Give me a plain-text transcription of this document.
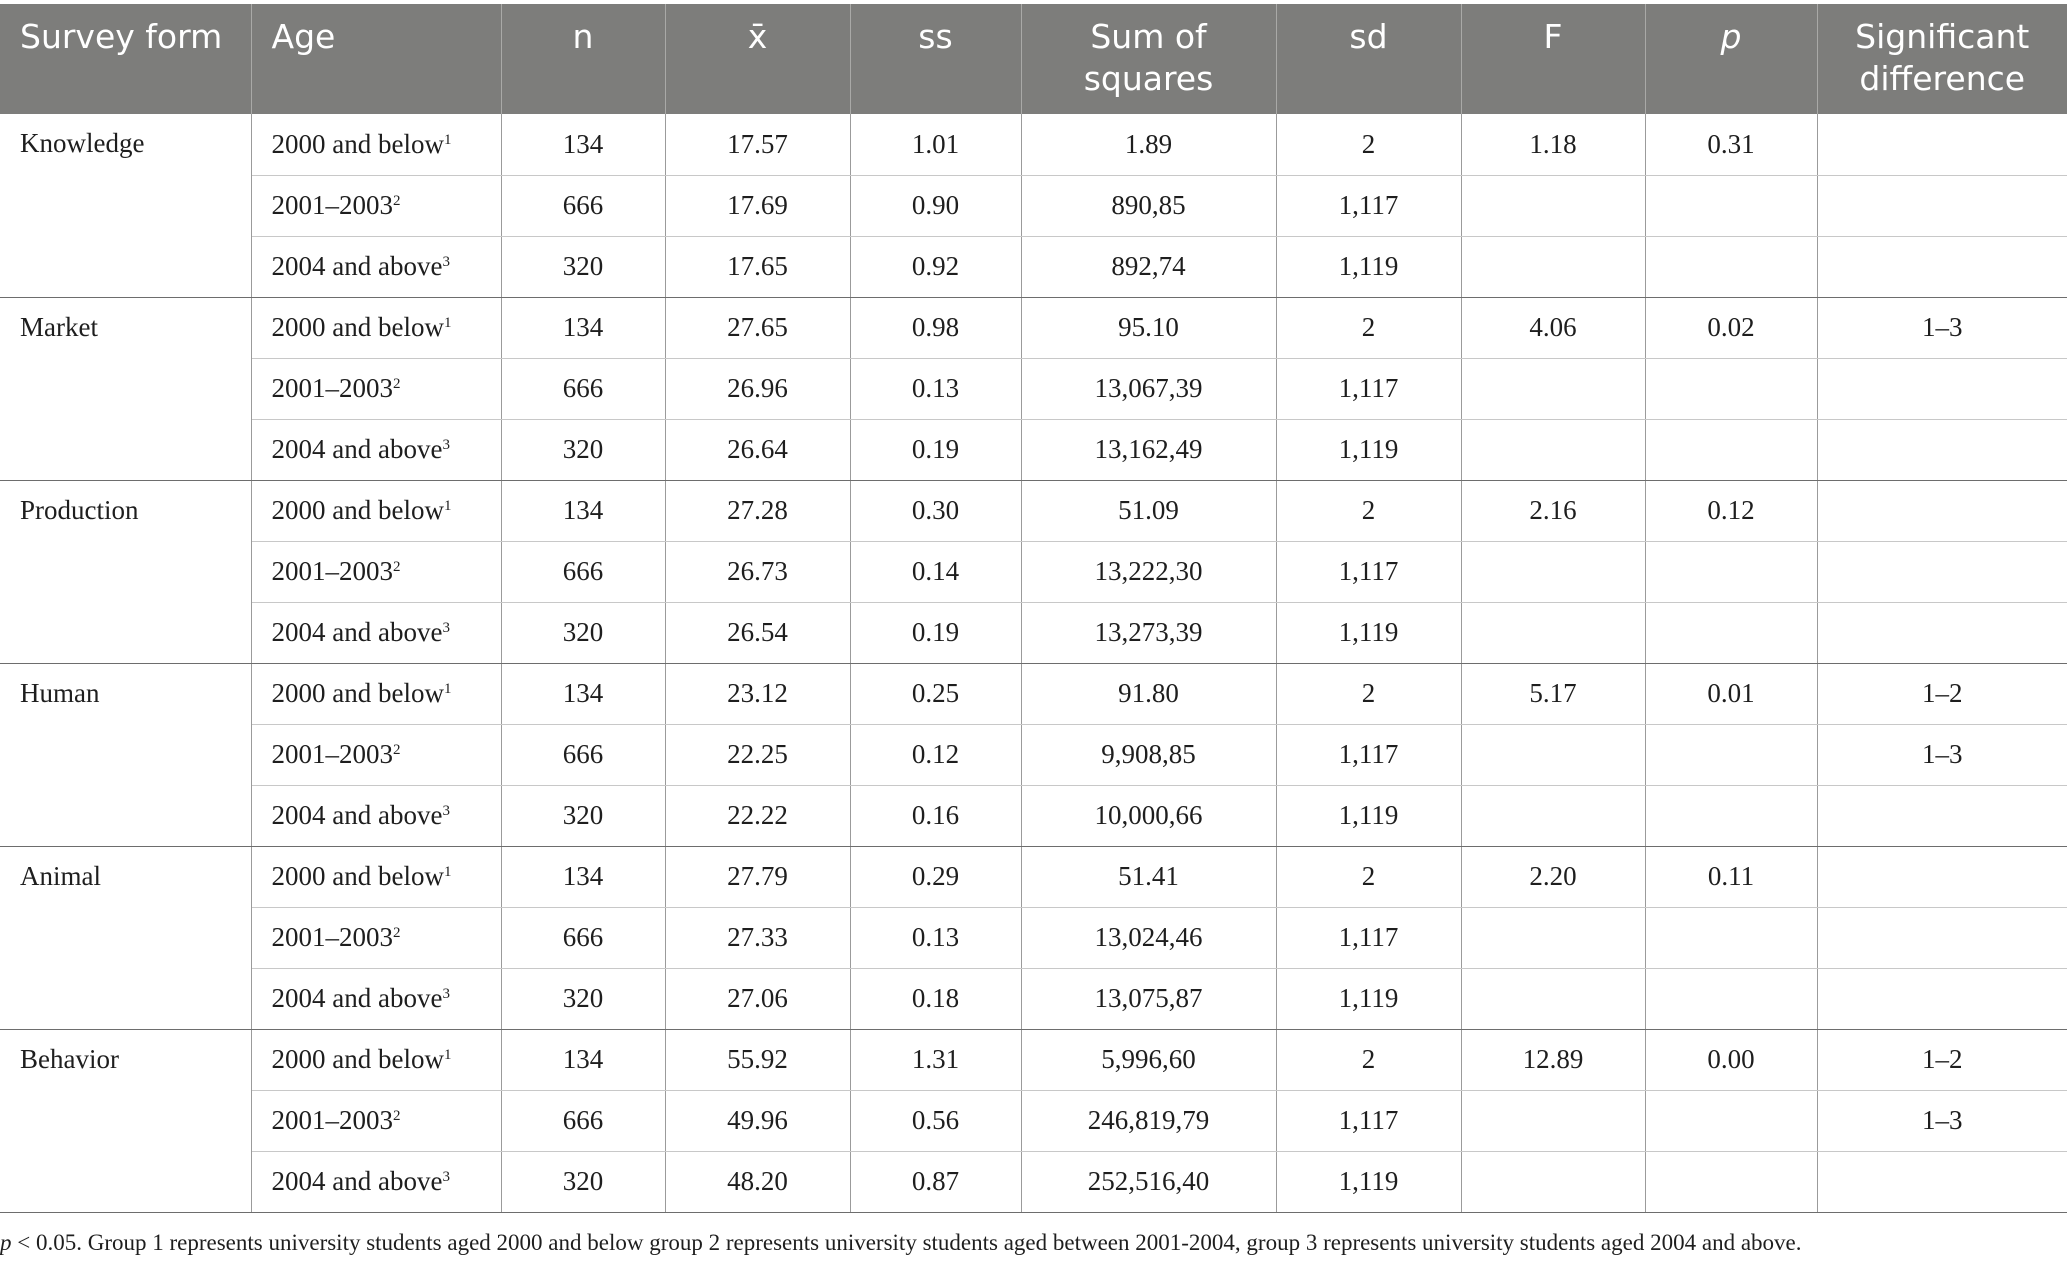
Survey form	Age	n	x̄	ss	Sum of
squares	sd	F	p	Significant
difference
Knowledge	2000 and below$^1$	134	17.57	1.01	1.89	2	1.18	0.31	
	2001–2003$^2$	666	17.69	0.90	890,85	1,117			
	2004 and above$^3$	320	17.65	0.92	892,74	1,119			
Market	2000 and below$^1$	134	27.65	0.98	95.10	2	4.06	0.02	1–3
	2001–2003$^2$	666	26.96	0.13	13,067,39	1,117			
	2004 and above$^3$	320	26.64	0.19	13,162,49	1,119			
Production	2000 and below$^1$	134	27.28	0.30	51.09	2	2.16	0.12	
	2001–2003$^2$	666	26.73	0.14	13,222,30	1,117			
	2004 and above$^3$	320	26.54	0.19	13,273,39	1,119			
Human	2000 and below$^1$	134	23.12	0.25	91.80	2	5.17	0.01	1–2
	2001–2003$^2$	666	22.25	0.12	9,908,85	1,117			1–3
	2004 and above$^3$	320	22.22	0.16	10,000,66	1,119			
Animal	2000 and below$^1$	134	27.79	0.29	51.41	2	2.20	0.11	
	2001–2003$^2$	666	27.33	0.13	13,024,46	1,117			
	2004 and above$^3$	320	27.06	0.18	13,075,87	1,119			
Behavior	2000 and below$^1$	134	55.92	1.31	5,996,60	2	12.89	0.00	1–2
	2001–2003$^2$	666	49.96	0.56	246,819,79	1,117			1–3
	2004 and above$^3$	320	48.20	0.87	252,516,40	1,119			
p < 0.05. Group 1 represents university students aged 2000 and below group 2 represents university students aged between 2001-2004, group 3 represents university students aged 2004 and above.
